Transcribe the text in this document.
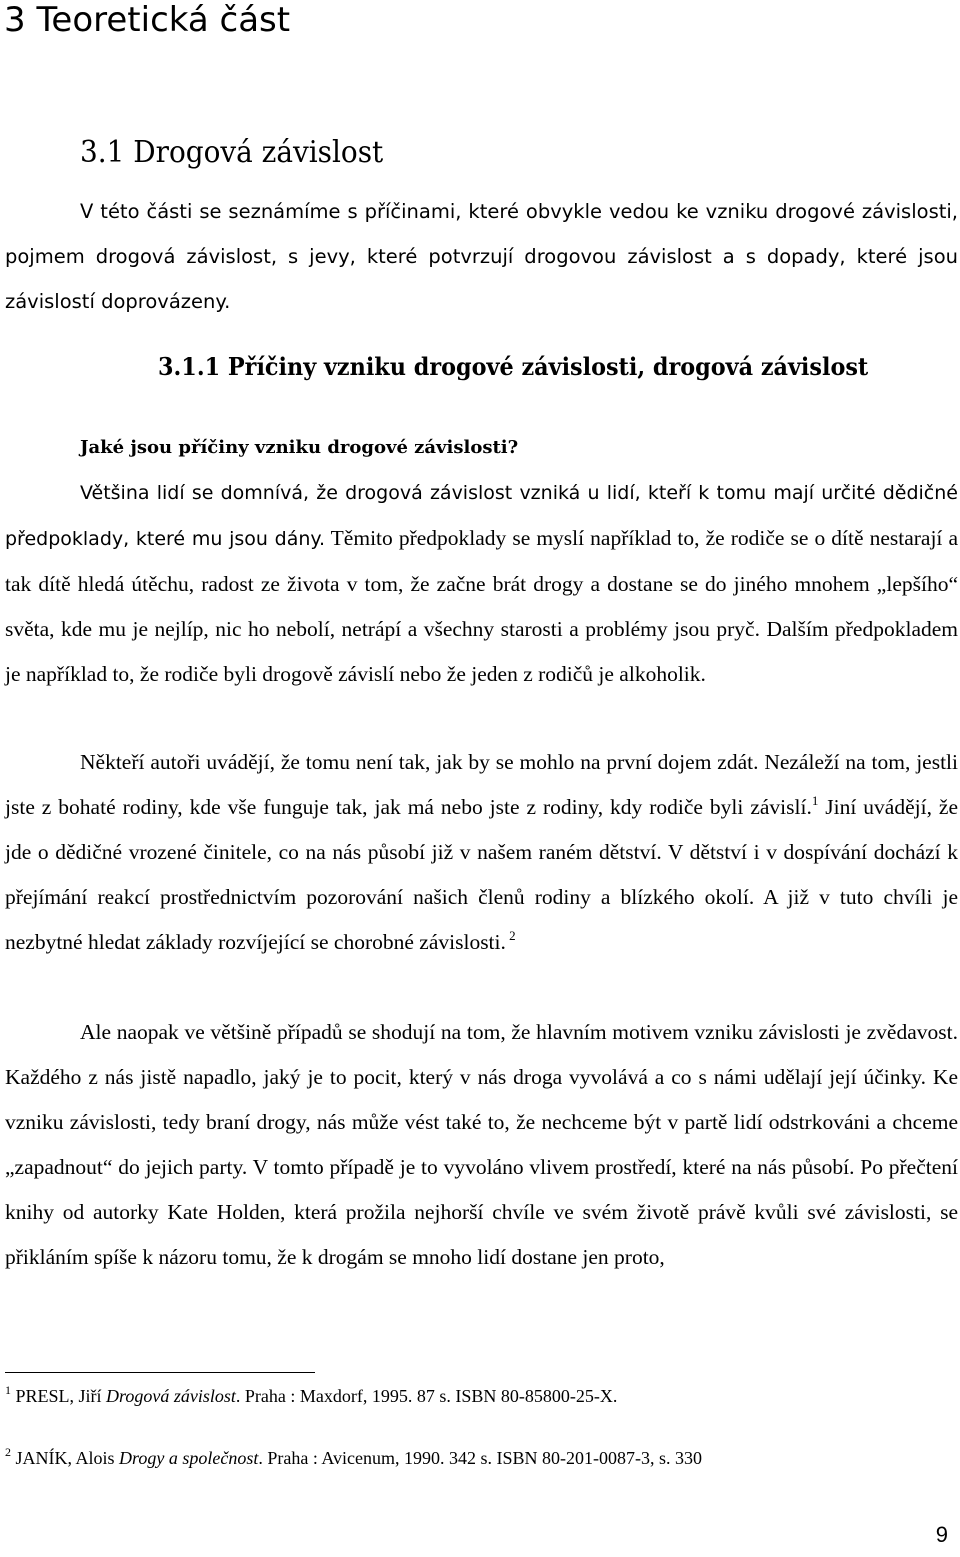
3 Teoretická část
3.1 Drogová závislost

V této části se seznámíme s příčinami, které obvykle vedou ke vzniku drogové závislosti, pojmem drogová závislost, s jevy, které potvrzují drogovou závislost a s dopady, které jsou závislostí doprovázeny.

3.1.1 Příčiny vzniku drogové závislosti, drogová závislost
Jaké jsou příčiny vzniku drogové závislosti?

Většina lidí se domnívá, že drogová závislost vzniká u lidí, kteří k tomu mají určité dědičné předpoklady, které mu jsou dány. Těmito předpoklady se myslí například to, že rodiče se o dítě nestarají a tak dítě hledá útěchu, radost ze života v tom, že začne brát drogy a dostane se do jiného mnohem „lepšího“ světa, kde mu je nejlíp, nic ho nebolí, netrápí a všechny starosti a problémy jsou pryč. Dalším předpokladem je například to, že rodiče byli drogově závislí nebo že jeden z rodičů je alkoholik.

Někteří autoři uvádějí, že tomu není tak, jak by se mohlo na první dojem zdát. Nezáleží na tom, jestli jste z bohaté rodiny, kde vše funguje tak, jak má nebo jste z rodiny, kdy rodiče byli závislí.$^1$ Jiní uvádějí, že jde o dědičné vrozené činitele, co na nás působí již v našem raném dětství. V dětství i v dospívání dochází k přejímání reakcí prostřednictvím pozorování našich členů rodiny a blízkého okolí. A již v tuto chvíli je nezbytné hledat základy rozvíjející se chorobné závislosti. $^2$

Ale naopak ve většině případů se shodují na tom, že hlavním motivem vzniku závislosti je zvědavost. Každého z nás jistě napadlo, jaký je to pocit, který v nás droga vyvolává a co s námi udělají její účinky. Ke vzniku závislosti, tedy braní drogy, nás může vést také to, že nechceme být v partě lidí odstrkováni a chceme „zapadnout“ do jejich party. V tomto případě je to vyvoláno vlivem prostředí, které na nás působí. Po přečtení knihy od autorky Kate Holden, která prožila nejhorší chvíle ve svém životě právě kvůli své závislosti, se přikláním spíše k názoru tomu, že k drogám se mnoho lidí dostane jen proto,

$^1$ PRESL, Jiří Drogová závislost. Praha : Maxdorf, 1995. 87 s. ISBN 80-85800-25-X.
$^2$ JANÍK, Alois Drogy a společnost. Praha : Avicenum, 1990. 342 s. ISBN 80-201-0087-3, s. 330
9
